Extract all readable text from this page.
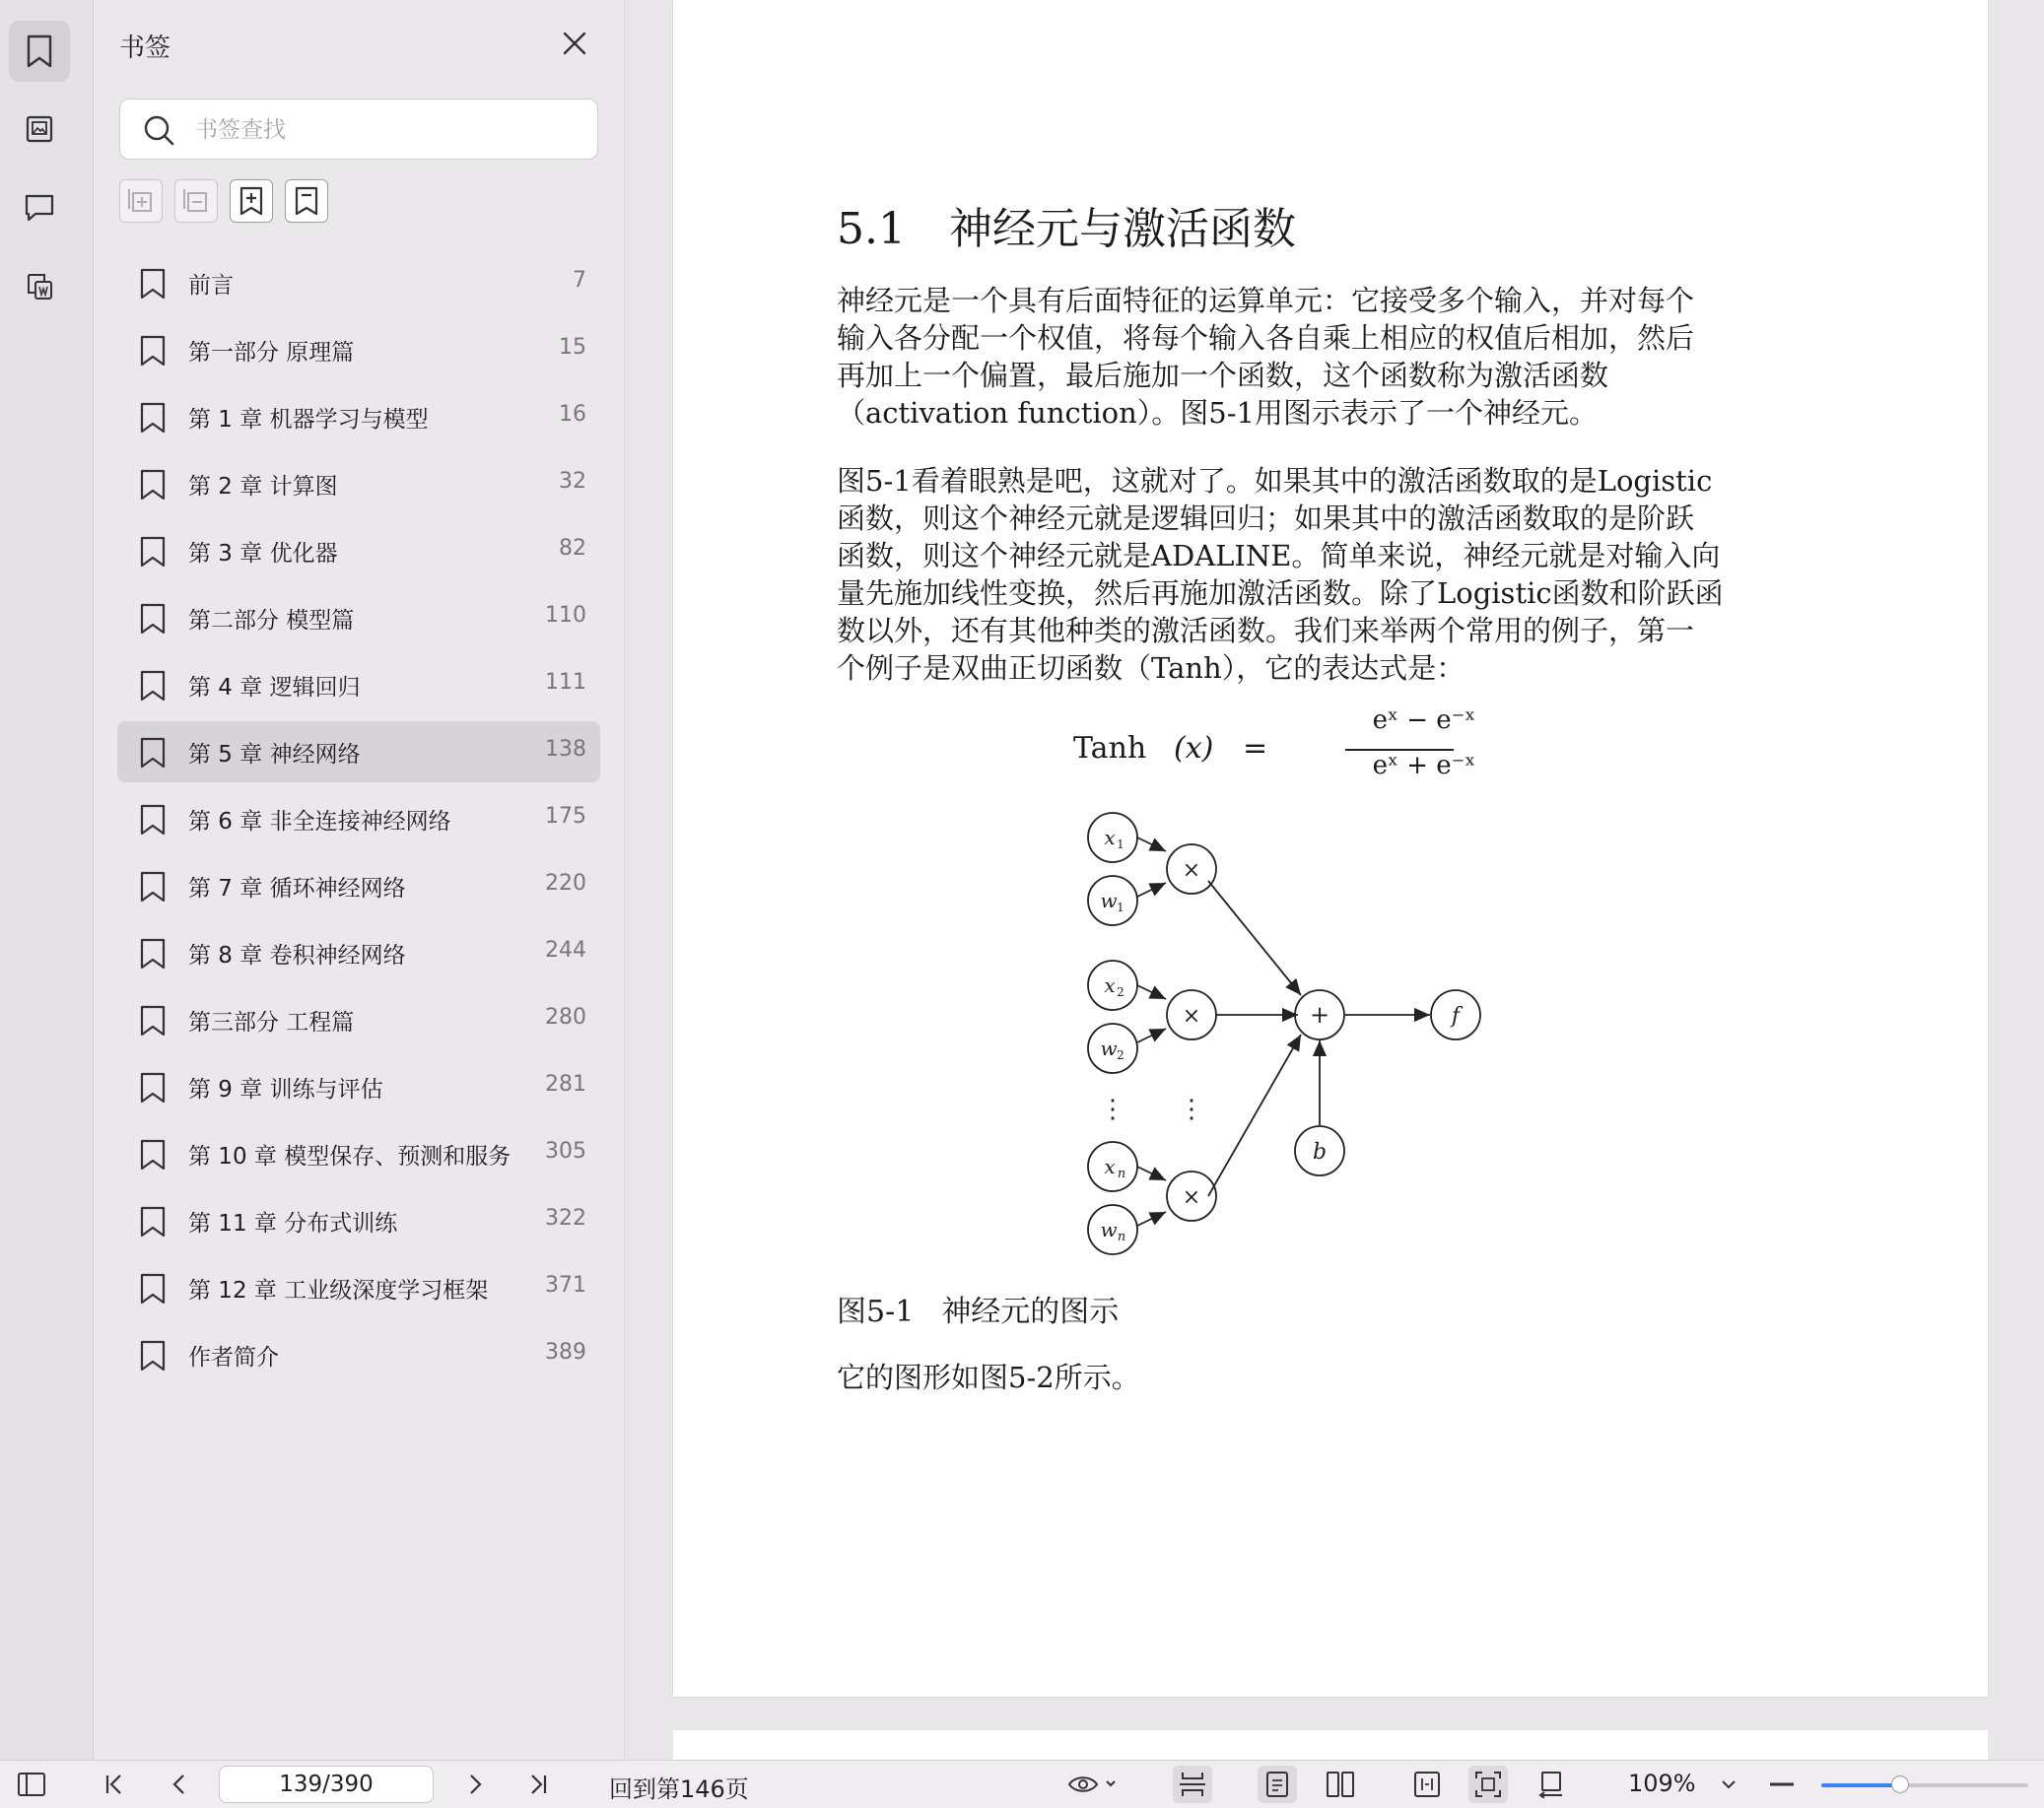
书签
书签查找
前言	7
第一部分 原理篇	15
第 1 章 机器学习与模型	16
第 2 章 计算图	32
第 3 章 优化器	82
第二部分 模型篇	110
第 4 章 逻辑回归	111
第 5 章 神经网络	138
第 6 章 非全连接神经网络	175
第 7 章 循环神经网络	220
第 8 章 卷积神经网络	244
第三部分 工程篇	280
第 9 章 训练与评估	281
第 10 章 模型保存、预测和服务 305
第 11 章 分布式训练	322
第 12 章 工业级深度学习框架	371
作者简介	389
5.1 神经元与激活函数
神经元是一个具有后面特征的运算单元：它接受多个输入，并对每个
输入各分配一个权值，将每个输入各自乘上相应的权值后相加，然后
再加上一个偏置，最后施加一个函数，这个函数称为激活函数
（activation function）。图5-1用图示表示了一个神经元。
图5-1看着眼熟是吧，这就对了。如果其中的激活函数取的是Logistic
函数，则这个神经元就是逻辑回归；如果其中的激活函数取的是阶跃
函数，则这个神经元就是ADALINE。简单来说，神经元就是对输入向
量先施加线性变换，然后再施加激活函数。除了Logistic函数和阶跃函
数以外，还有其他种类的激活函数。我们来举两个常用的例子，第一
个例子是双曲正切函数（Tanh），它的表达式是：
Tanh (x) =
eˣ − e⁻ˣ
eˣ + e⁻ˣ
x 1
w 1
x 2
w 2
x n
w n
×
×
×
+	f
b
⋮ ⋮
图5-1 神经元的图示
它的图形如图5-2所示。
139/390	回到第146页	109%
